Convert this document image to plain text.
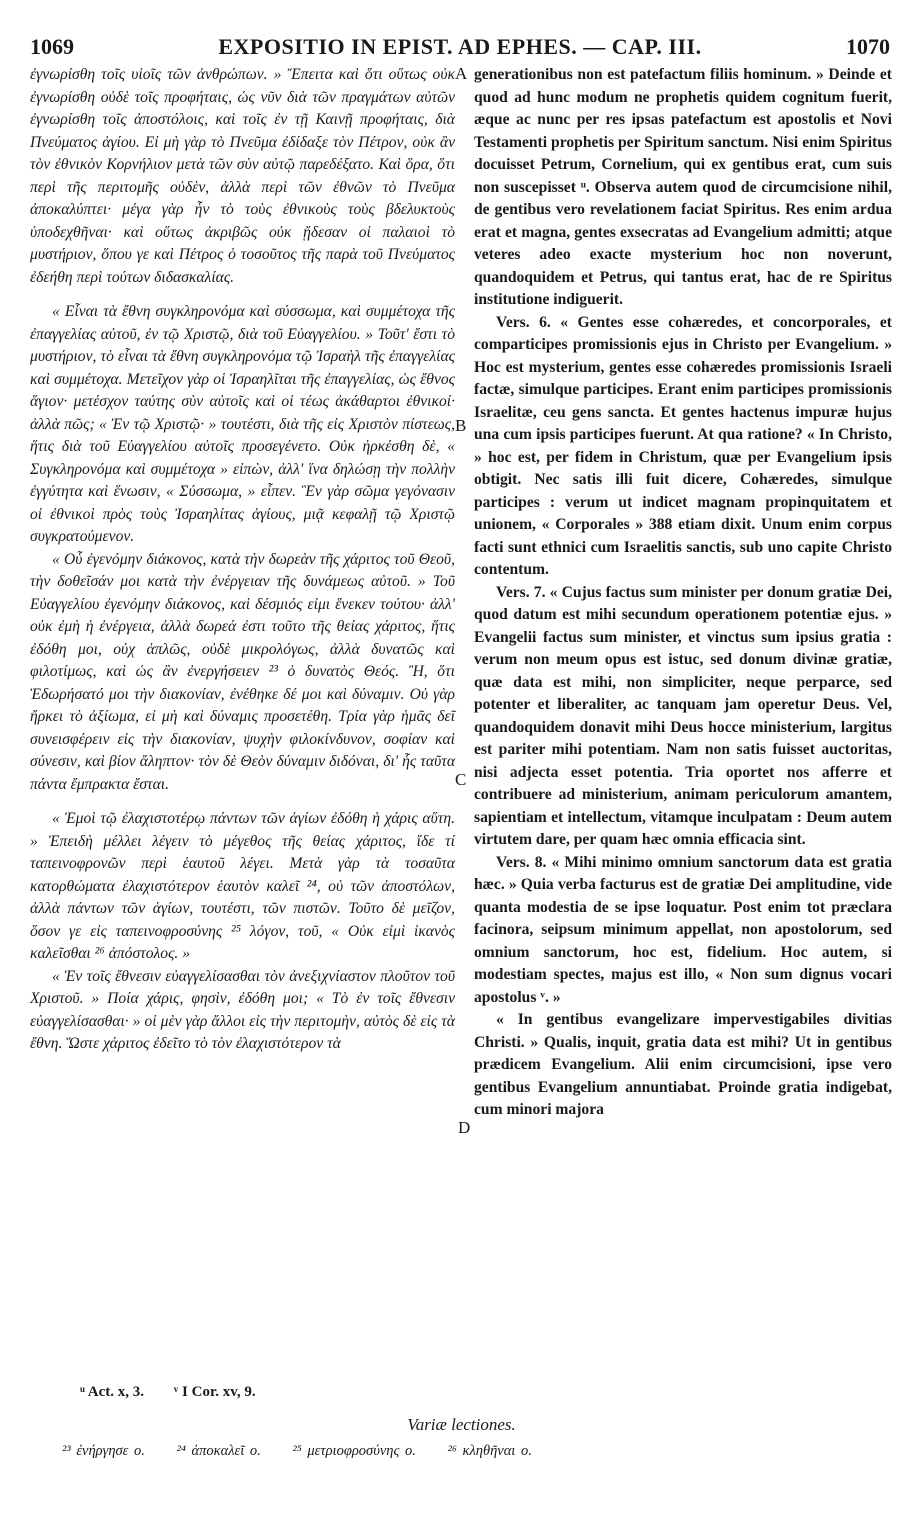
1069	EXPOSITIO IN EPIST. AD EPHES. — CAP. III.	1070

ἐγνωρίσθη τοῖς υἱοῖς τῶν ἀνθρώπων. » Ἔπειτα καὶ ὅτι οὕτως οὐκ ἐγνωρίσθη οὐδὲ τοῖς προφήταις, ὡς νῦν διὰ τῶν πραγμάτων αὐτῶν ἐγνωρίσθη τοῖς ἀποστόλοις, καὶ τοῖς ἐν τῇ Καινῇ προφήταις, διὰ Πνεύματος ἁγίου. Εἰ μὴ γὰρ τὸ Πνεῦμα ἐδίδαξε τὸν Πέτρον, οὐκ ἂν τὸν ἐθνικὸν Κορνήλιον μετὰ τῶν σὺν αὐτῷ παρεδέξατο. Καὶ ὅρα, ὅτι περὶ τῆς περιτομῆς οὐδὲν, ἀλλὰ περὶ τῶν ἐθνῶν τὸ Πνεῦμα ἀποκαλύπτει· μέγα γὰρ ἦν τὸ τοὺς ἐθνικοὺς τοὺς βδελυκτοὺς ὑποδεχθῆναι· καὶ οὕτως ἀκριβῶς οὐκ ᾔδεσαν οἱ παλαιοὶ τὸ μυστήριον, ὅπου γε καὶ Πέτρος ὁ τοσοῦτος τῆς παρὰ τοῦ Πνεύματος ἐδεήθη περὶ τούτων διδασκαλίας.

« Εἶναι τὰ ἔθνη συγκληρονόμα καὶ σύσσωμα, καὶ συμμέτοχα τῆς ἐπαγγελίας αὐτοῦ, ἐν τῷ Χριστῷ, διὰ τοῦ Εὐαγγελίου. » Τοῦτ' ἔστι τὸ μυστήριον, τὸ εἶναι τὰ ἔθνη συγκληρονόμα τῷ Ἰσραὴλ τῆς ἐπαγγελίας καὶ συμμέτοχα. Μετεῖχον γὰρ οἱ Ἰσραηλῖται τῆς ἐπαγγελίας, ὡς ἔθνος ἅγιον· μετέσχον ταύτης σὺν αὐτοῖς καὶ οἱ τέως ἀκάθαρτοι ἐθνικοί· ἀλλὰ πῶς; « Ἐν τῷ Χριστῷ· » τουτέστι, διὰ τῆς εἰς Χριστὸν πίστεως, ἥτις διὰ τοῦ Εὐαγγελίου αὐτοῖς προσεγένετο. Οὐκ ἠρκέσθη δὲ, « Συγκληρονόμα καὶ συμμέτοχα » εἰπὼν, ἀλλ' ἵνα δηλώσῃ τὴν πολλὴν ἐγγύτητα καὶ ἕνωσιν, « Σύσσωμα, » εἶπεν. Ἓν γὰρ σῶμα γεγόνασιν οἱ ἐθνικοὶ πρὸς τοὺς Ἰσραηλίτας ἁγίους, μιᾷ κεφαλῇ τῷ Χριστῷ συγκρατούμενον.

« Οὗ ἐγενόμην διάκονος, κατὰ τὴν δωρεὰν τῆς χάριτος τοῦ Θεοῦ, τὴν δοθεῖσάν μοι κατὰ τὴν ἐνέργειαν τῆς δυνάμεως αὐτοῦ. » Τοῦ Εὐαγγελίου ἐγενόμην διάκονος, καὶ δέσμιός εἰμι ἕνεκεν τούτου· ἀλλ' οὐκ ἐμὴ ἡ ἐνέργεια, ἀλλὰ δωρεά ἐστι τοῦτο τῆς θείας χάριτος, ἥτις ἐδόθη μοι, οὐχ ἁπλῶς, οὐδὲ μικρολόγως, ἀλλὰ δυνατῶς καὶ φιλοτίμως, καὶ ὡς ἂν ἐνεργήσειεν ²³ ὁ δυνατὸς Θεός. Ἢ, ὅτι Ἐδωρήσατό μοι τὴν διακονίαν, ἐνέθηκε δέ μοι καὶ δύναμιν. Οὐ γὰρ ἤρκει τὸ ἀξίωμα, εἰ μὴ καὶ δύναμις προσετέθη. Τρία γὰρ ἡμᾶς δεῖ συνεισφέρειν εἰς τὴν διακονίαν, ψυχὴν φιλοκίνδυνον, σοφίαν καὶ σύνεσιν, καὶ βίον ἄληπτον· τὸν δὲ Θεὸν δύναμιν διδόναι, δι' ἧς ταῦτα πάντα ἔμπρακτα ἔσται.

« Ἐμοὶ τῷ ἐλαχιστοτέρῳ πάντων τῶν ἁγίων ἐδόθη ἡ χάρις αὕτη. » Ἐπειδὴ μέλλει λέγειν τὸ μέγεθος τῆς θείας χάριτος, ἴδε τί ταπεινοφρονῶν περὶ ἑαυτοῦ λέγει. Μετὰ γὰρ τὰ τοσαῦτα κατορθώματα ἐλαχιστότερον ἑαυτὸν καλεῖ ²⁴, οὐ τῶν ἀποστόλων, ἀλλὰ πάντων τῶν ἁγίων, τουτέστι, τῶν πιστῶν. Τοῦτο δὲ μεῖζον, ὅσον γε εἰς ταπεινοφροσύνης ²⁵ λόγον, τοῦ, « Οὐκ εἰμὶ ἱκανὸς καλεῖσθαι ²⁶ ἀπόστολος. »

« Ἐν τοῖς ἔθνεσιν εὐαγγελίσασθαι τὸν ἀνεξιχνίαστον πλοῦτον τοῦ Χριστοῦ. » Ποία χάρις, φησὶν, ἐδόθη μοι; « Τὸ ἐν τοῖς ἔθνεσιν εὐαγγελίσασθαι· » οἱ μὲν γὰρ ἄλλοι εἰς τὴν περιτομὴν, αὐτὸς δὲ εἰς τὰ ἔθνη. Ὥστε χάριτος ἐδεῖτο τὸ τὸν ἐλαχιστότερον τὰ

A
B
C
D

generationibus non est patefactum filiis hominum. » Deinde et quod ad hunc modum ne prophetis quidem cognitum fuerit, æque ac nunc per res ipsas patefactum est apostolis et Novi Testamenti prophetis per Spiritum sanctum. Nisi enim Spiritus docuisset Petrum, Cornelium, qui ex gentibus erat, cum suis non suscepisset ᵘ. Observa autem quod de circumcisione nihil, de gentibus vero revelationem faciat Spiritus. Res enim ardua erat et magna, gentes exsecratas ad Evangelium admitti; atque veteres adeo exacte mysterium hoc non noverunt, quandoquidem et Petrus, qui tantus erat, hac de re Spiritus institutione indiguerit.

Vers. 6. « Gentes esse cohæredes, et concorporales, et comparticipes promissionis ejus in Christo per Evangelium. » Hoc est mysterium, gentes esse cohæredes promissionis Israeli factæ, simulque participes. Erant enim participes promissionis Israelitæ, ceu gens sancta. Et gentes hactenus impuræ hujus una cum ipsis participes fuerunt. At qua ratione? « In Christo, » hoc est, per fidem in Christum, quæ per Evangelium ipsis obtigit. Nec satis illi fuit dicere, Cohæredes, simulque participes : verum ut indicet magnam propinquitatem et unionem, « Corporales » 388 etiam dixit. Unum enim corpus facti sunt ethnici cum Israelitis sanctis, sub uno capite Christo contentum.

Vers. 7. « Cujus factus sum minister per donum gratiæ Dei, quod datum est mihi secundum operationem potentiæ ejus. » Evangelii factus sum minister, et vinctus sum ipsius gratia : verum non meum opus est istuc, sed donum divinæ gratiæ, quæ data est mihi, non simpliciter, neque perparce, sed potenter et liberaliter, ac tanquam jam operetur Deus. Vel, quandoquidem donavit mihi Deus hocce ministerium, largitus est pariter mihi potentiam. Nam non satis fuisset auctoritas, nisi adjecta esset potentia. Tria oportet nos afferre et contribuere ad ministerium, animam periculorum amantem, sapientiam et intellectum, vitamque inculpatam : Deum autem virtutem dare, per quam hæc omnia efficacia sint.

Vers. 8. « Mihi minimo omnium sanctorum data est gratia hæc. » Quia verba facturus est de gratiæ Dei amplitudine, vide quanta modestia de se ipse loquatur. Post enim tot præclara facinora, seipsum minimum appellat, non apostolorum, sed omnium sanctorum, hoc est, fidelium. Hoc autem, si modestiam spectes, majus est illo, « Non sum dignus vocari apostolus ᵛ. »

« In gentibus evangelizare impervestigabiles divitias Christi. » Qualis, inquit, gratia data est mihi? Ut in gentibus prædicem Evangelium. Alii enim circumcisioni, ipse vero gentibus Evangelium annuntiabat. Proinde gratia indigebat, cum minori majora

ᵘ Act. x, 3. ᵛ I Cor. xv, 9.
Variæ lectiones.
²³ ἐνήργησε ο. ²⁴ ἀποκαλεῖ ο. ²⁵ μετριοφροσύνης ο. ²⁶ κληθῆναι ο.
